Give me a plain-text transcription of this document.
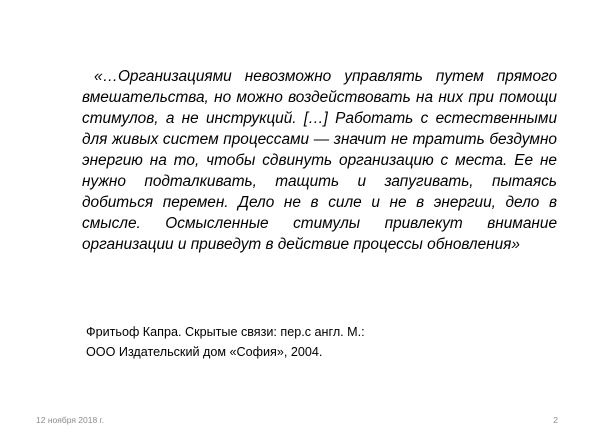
«…Организациями невозможно управлять путем прямого вмешательства, но можно воздействовать на них при помощи стимулов, а не инструкций. […] Работать с естественными для живых систем процессами — значит не тратить бездумно энергию на то, чтобы сдвинуть организацию с места. Ее не нужно подталкивать, тащить и запугивать, пытаясь добиться перемен. Дело не в силе и не в энергии, дело в смысле. Осмысленные стимулы привлекут внимание организации и приведут в действие процессы обновления»

Фритьоф Капра. Скрытые связи: пер.с англ. М.:
ООО Издательский дом «София», 2004.

12 ноября 2018 г.	2
